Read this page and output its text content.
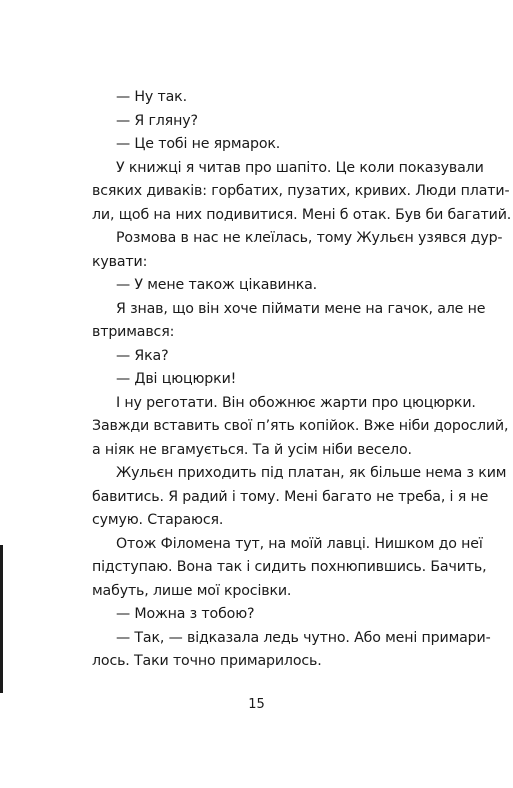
— Ну так.
— Я гляну?
— Це тобі не ярмарок.
У книжці я читав про шапіто. Це коли показували
всяких диваків: горбатих, пузатих, кривих. Люди плати-
ли, щоб на них подивитися. Мені б отак. Був би багатий.
Розмова в нас не клеїлась, тому Жульєн узявся дур-
кувати:
— У мене також цікавинка.
Я знав, що він хоче піймати мене на гачок, але не
втримався:
— Яка?
— Дві цюцюрки!
І ну реготати. Він обожнює жарти про цюцюрки.
Завжди вставить свої п’ять копійок. Вже ніби дорослий,
а ніяк не вгамується. Та й усім ніби весело.
Жульєн приходить під платан, як більше нема з ким
бавитись. Я радий і тому. Мені багато не треба, і я не
сумую. Стараюся.
Отож Філомена тут, на моїй лавці. Нишком до неї
підступаю. Вона так і сидить похнюпившись. Бачить,
мабуть, лише мої кросівки.
— Можна з тобою?
— Так, — відказала ледь чутно. Або мені примари-
лось. Таки точно примарилось.
15
